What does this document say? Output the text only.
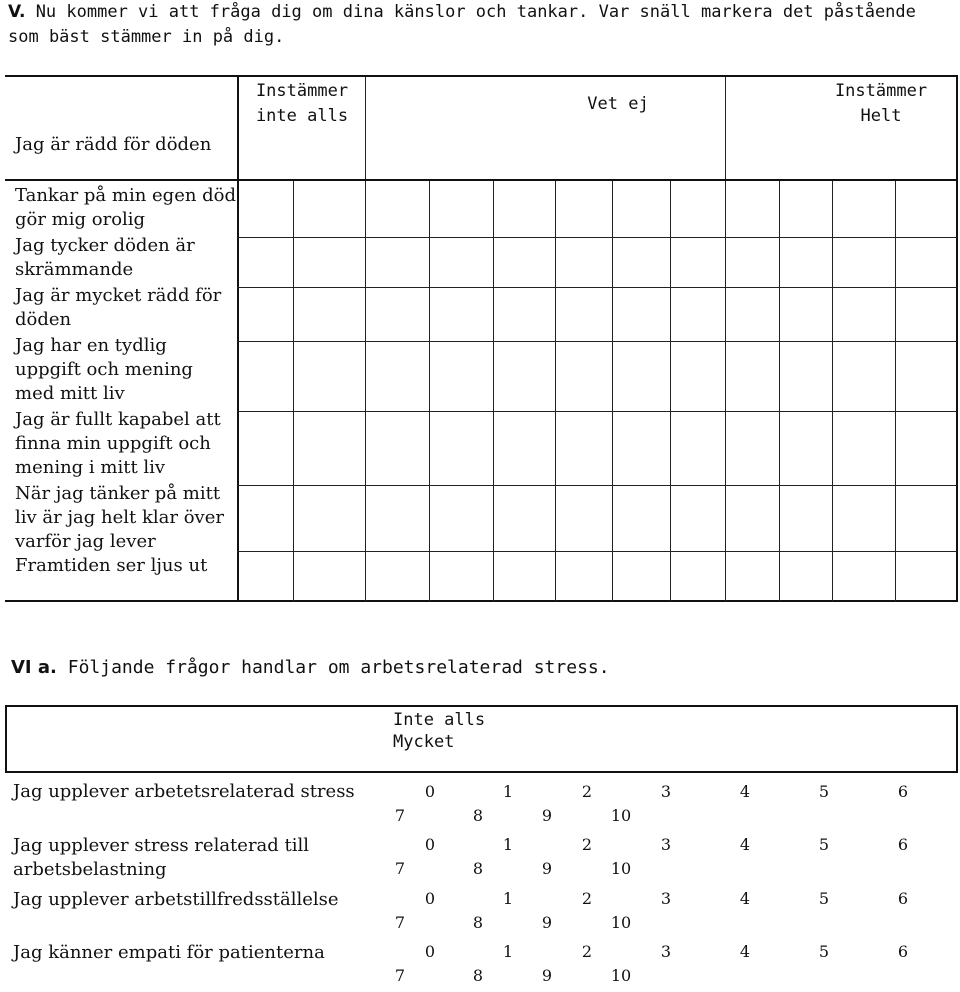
V. Nu kommer vi att fråga dig om dina känslor och tankar. Var snäll markera det påstående som bäst stämmer in på dig.
Instämmer inte alls
Vet ej
Instämmer Helt
Jag är rädd för döden
Tankar på min egen död gör mig orolig
Jag tycker döden är skrämmande
Jag är mycket rädd för döden
Jag har en tydlig uppgift och mening med mitt liv
Jag är fullt kapabel att finna min uppgift och mening i mitt liv
När jag tänker på mitt liv är jag helt klar över varför jag lever
Framtiden ser ljus ut
VI a. Följande frågor handlar om arbetsrelaterad stress.
Inte alls
Mycket
Jag upplever arbetetsrelaterad stress	0	1	2	3	4	5	6
7	8	9	10
Jag upplever stress relaterad till arbetsbelastning
0	1	2	3	4	5	6
7	8	9	10
Jag upplever arbetstillfredsställelse	0	1	2	3	4	5	6
7	8	9	10
Jag känner empati för patienterna	0	1	2	3	4	5	6
7	8	9	10
